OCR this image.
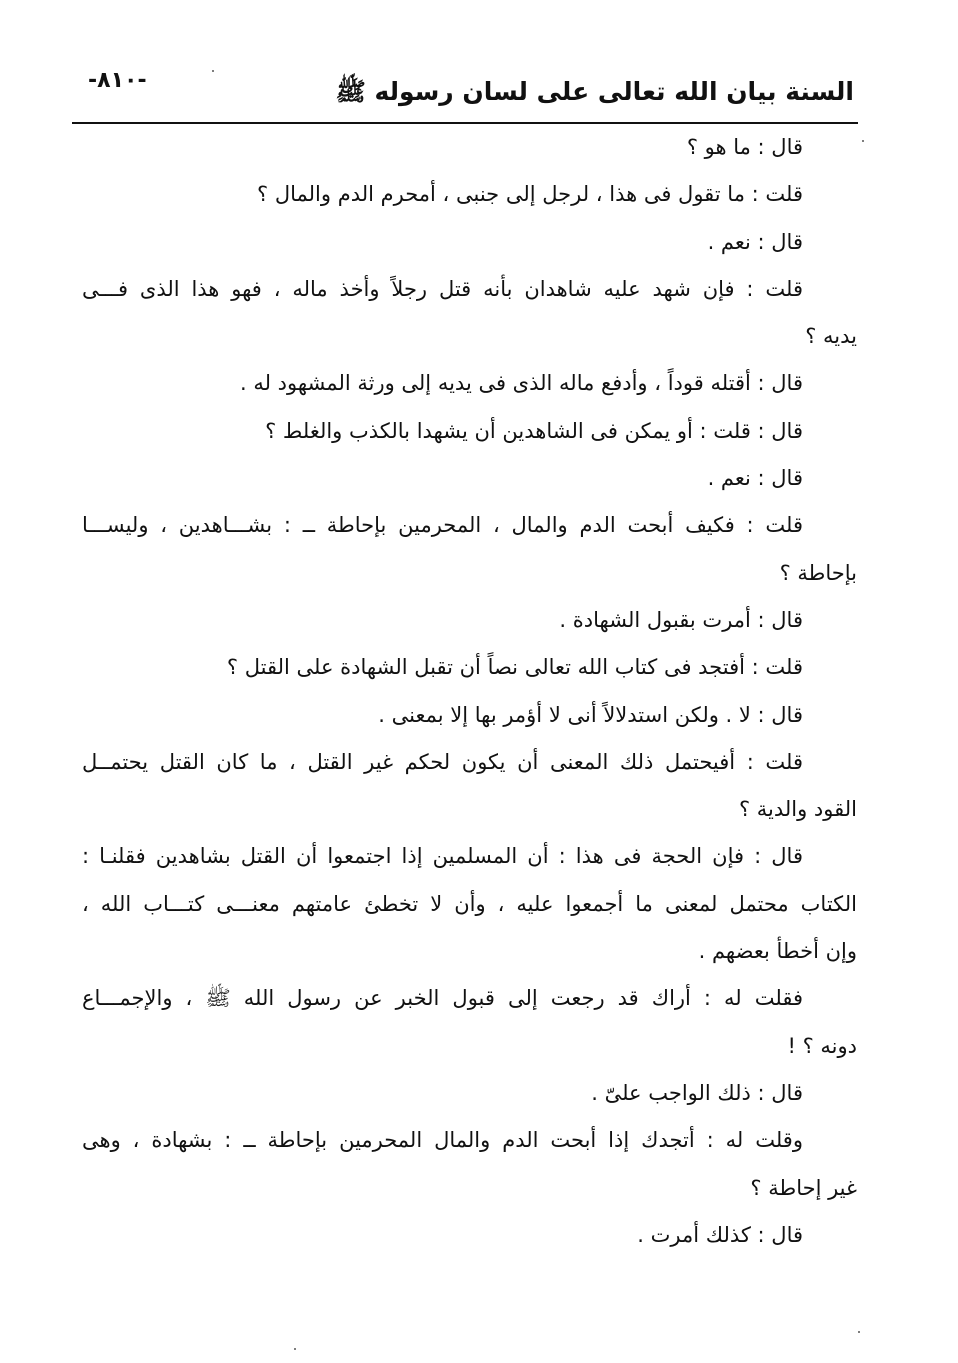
السنة بيان الله تعالى على لسان رسوله ﷺ
-٨١٠-
قال : ما هو ؟
قلت : ما تقول فى هذا ، لرجل إلى جنبى ، أمحرم الدم والمال ؟
قال : نعم .
قلت : فإن شهد عليه شاهدان بأنه قتل رجلاً وأخذ ماله ، فهو هذا الذى فـــى
يديه ؟
قال : أقتله قوداً ، وأدفع ماله الذى فى يديه إلى ورثة المشهود له .
قال : قلت : أو يمكن فى الشاهدين أن يشهدا بالكذب والغلط ؟
قال : نعم .
قلت : فكيف أبحت الدم والمال ، المحرمين بإحاطة ــ : بشـــاهدين ، وليســـا
بإحاطة ؟
قال : أمرت بقبول الشهادة .
قلت : أفتجد فى كتاب الله تعالى نصاً أن تقبل الشهادة على القتل ؟
قال : لا . ولكن استدلالاً أنى لا أؤمر بها إلا بمعنى .
قلت : أفيحتمل ذلك المعنى أن يكون لحكم غير القتل ، ما كان القتل يحتمــل
القود والدية ؟
قال : فإن الحجة فى هذا : أن المسلمين إذا اجتمعوا أن القتل بشاهدين فقلنـا :
الكتاب محتمل لمعنى ما أجمعوا عليه ، وأن لا تخطئ عامتهم معنـــى كتـــاب الله ،
وإن أخطأ بعضهم .
فقلت له : أراك قد رجعت إلى قبول الخبر عن رسول الله ﷺ ، والإجمـــاع
دونه ؟ !
قال : ذلك الواجب علىّ .
وقلت له : أتجدك إذا أبحت الدم والمال المحرمين بإحاطة ــ : بشهادة ، وهى
غير إحاطة ؟
قال : كذلك أمرت .
